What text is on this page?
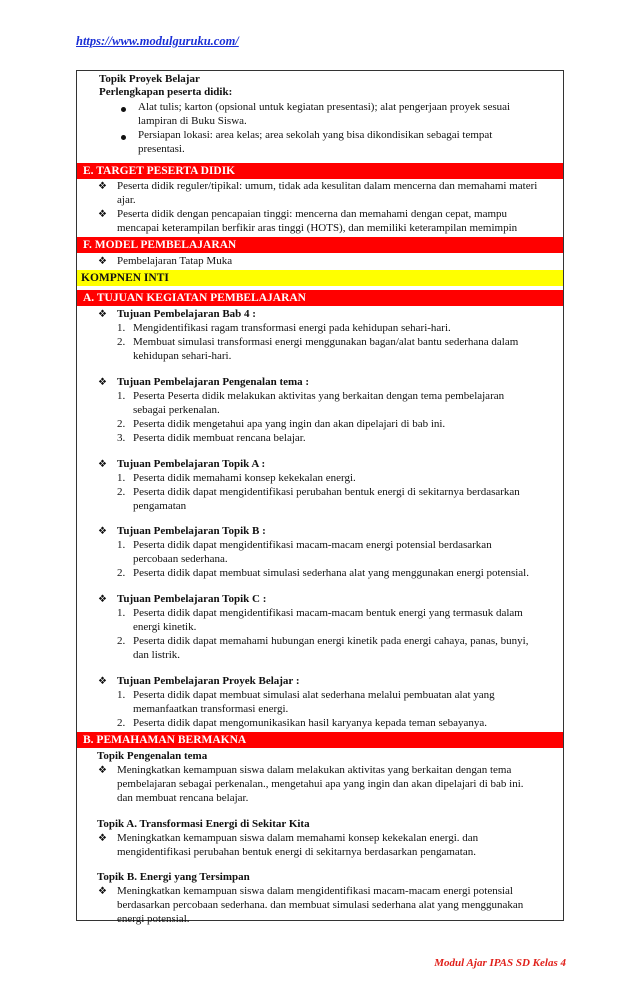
https://www.modulguruku.com/
Topik Proyek Belajar
Perlengkapan peserta didik:
Alat tulis; karton (opsional untuk kegiatan presentasi); alat pengerjaan proyek sesuai
lampiran di Buku Siswa.
Persiapan lokasi: area kelas; area sekolah yang bisa dikondisikan sebagai tempat
presentasi.
E. TARGET PESERTA DIDIK
❖ Peserta didik reguler/tipikal: umum, tidak ada kesulitan dalam mencerna dan memahami materi
ajar.
❖ Peserta didik dengan pencapaian tinggi: mencerna dan memahami dengan cepat, mampu
mencapai keterampilan berfikir aras tinggi (HOTS), dan memiliki keterampilan memimpin
F. MODEL PEMBELAJARAN
❖ Pembelajaran Tatap Muka
KOMPNEN INTI
A. TUJUAN KEGIATAN PEMBELAJARAN
❖ Tujuan Pembelajaran Bab 4 :
1. Mengidentifikasi ragam transformasi energi pada kehidupan sehari-hari.
2. Membuat simulasi transformasi energi menggunakan bagan/alat bantu sederhana dalam
kehidupan sehari-hari.
❖ Tujuan Pembelajaran Pengenalan tema :
1. Peserta Peserta didik melakukan aktivitas yang berkaitan dengan tema pembelajaran
sebagai perkenalan.
2. Peserta didik mengetahui apa yang ingin dan akan dipelajari di bab ini.
3. Peserta didik membuat rencana belajar.
❖ Tujuan Pembelajaran Topik A :
1. Peserta didik memahami konsep kekekalan energi.
2. Peserta didik dapat mengidentifikasi perubahan bentuk energi di sekitarnya berdasarkan
pengamatan
❖ Tujuan Pembelajaran Topik B :
1. Peserta didik dapat mengidentifikasi macam-macam energi potensial berdasarkan
percobaan sederhana.
2. Peserta didik dapat membuat simulasi sederhana alat yang menggunakan energi potensial.
❖ Tujuan Pembelajaran Topik C :
1. Peserta didik dapat mengidentifikasi macam-macam bentuk energi yang termasuk dalam
energi kinetik.
2. Peserta didik dapat memahami hubungan energi kinetik pada energi cahaya, panas, bunyi,
dan listrik.
❖ Tujuan Pembelajaran Proyek Belajar :
1. Peserta didik dapat membuat simulasi alat sederhana melalui pembuatan alat yang
memanfaatkan transformasi energi.
2. Peserta didik dapat mengomunikasikan hasil karyanya kepada teman sebayanya.
B. PEMAHAMAN BERMAKNA
Topik Pengenalan tema
❖ Meningkatkan kemampuan siswa dalam melakukan aktivitas yang berkaitan dengan tema
pembelajaran sebagai perkenalan., mengetahui apa yang ingin dan akan dipelajari di bab ini.
dan membuat rencana belajar.
Topik A. Transformasi Energi di Sekitar Kita
❖ Meningkatkan kemampuan siswa dalam memahami konsep kekekalan energi. dan
mengidentifikasi perubahan bentuk energi di sekitarnya berdasarkan pengamatan.
Topik B. Energi yang Tersimpan
❖ Meningkatkan kemampuan siswa dalam mengidentifikasi macam-macam energi potensial
berdasarkan percobaan sederhana. dan membuat simulasi sederhana alat yang menggunakan
energi potensial.
Modul Ajar IPAS SD Kelas 4
